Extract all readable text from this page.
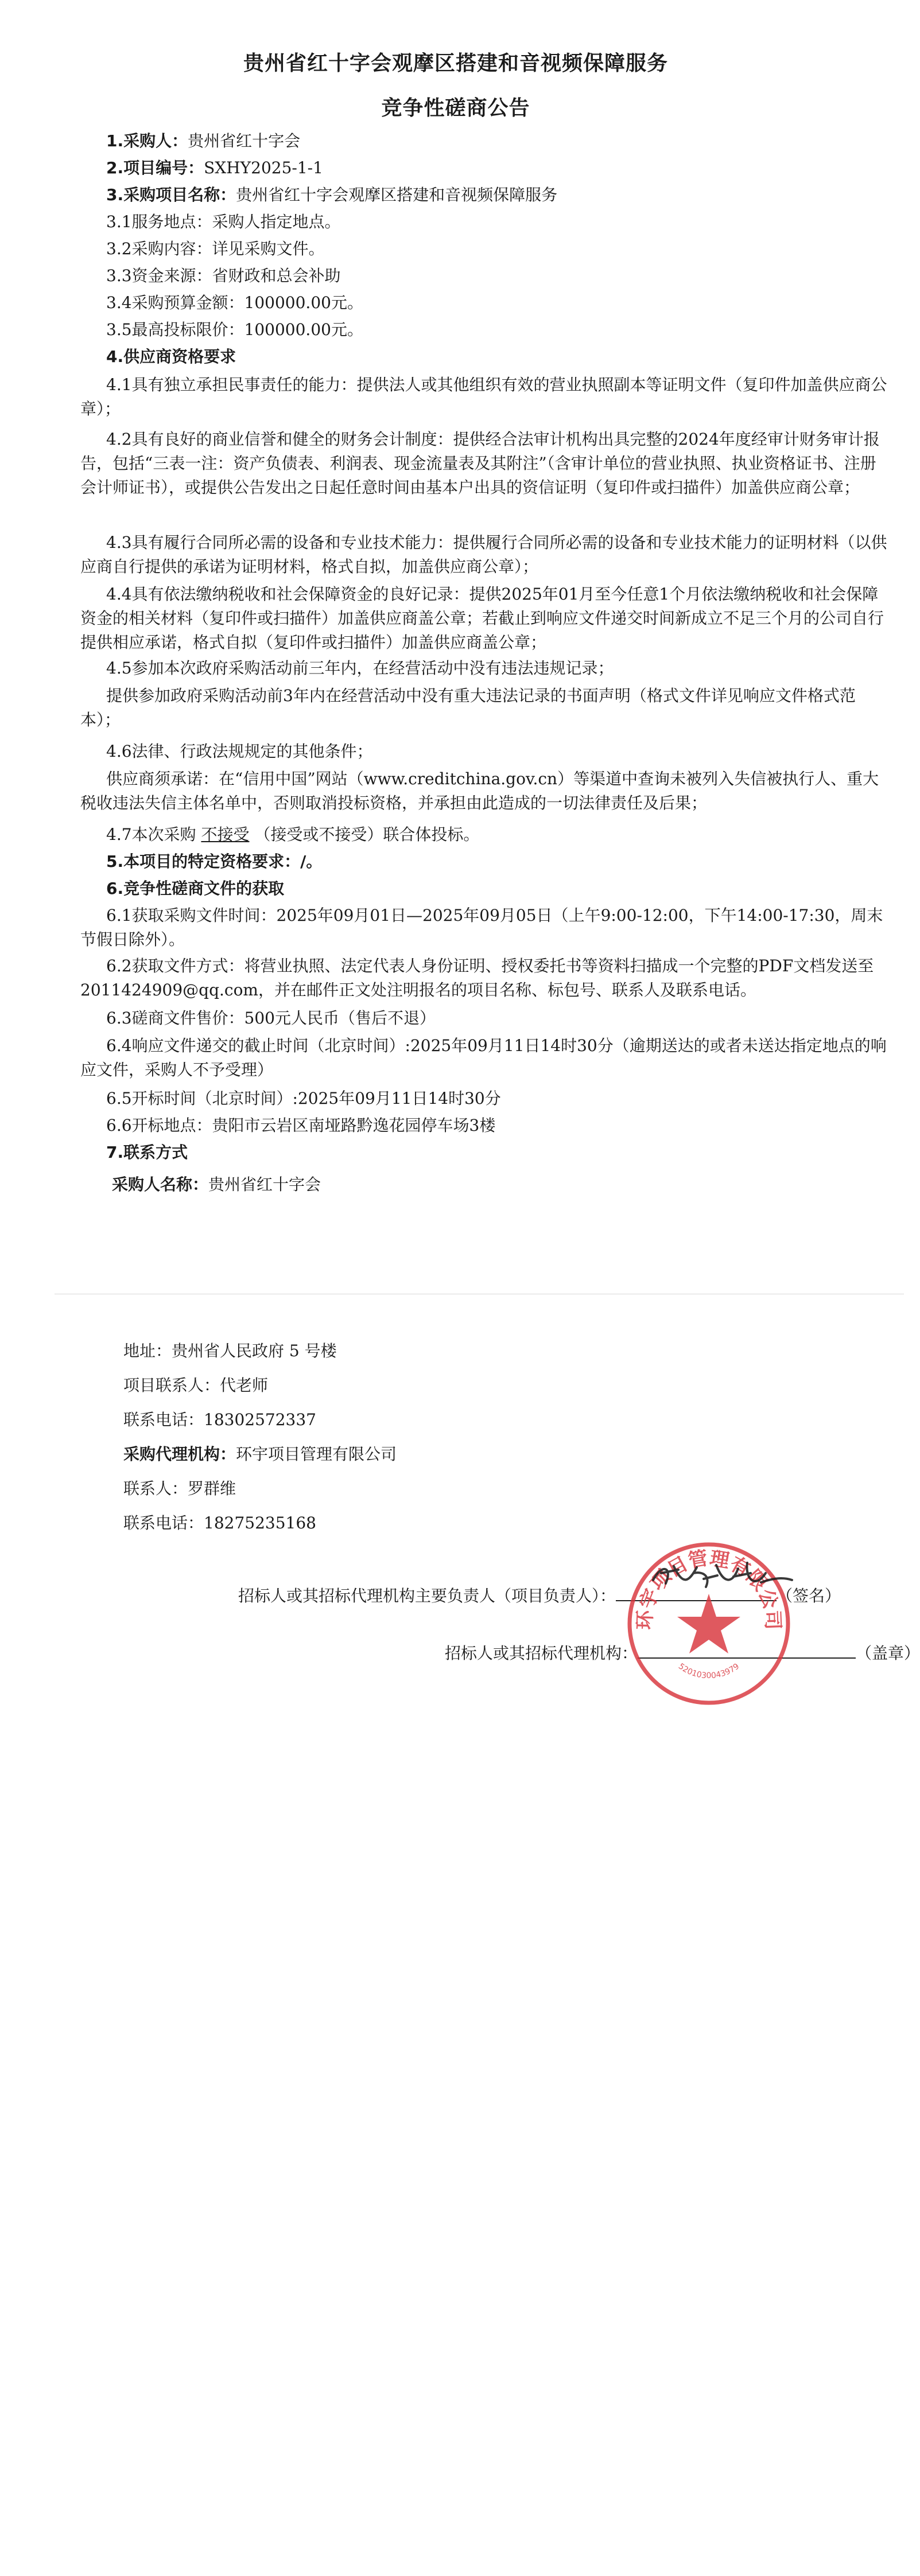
贵州省红十字会观摩区搭建和音视频保障服务
竞争性磋商公告
1.采购人：贵州省红十字会
2.项目编号：SXHY2025-1-1
3.采购项目名称：贵州省红十字会观摩区搭建和音视频保障服务
3.1服务地点：采购人指定地点。
3.2采购内容：详见采购文件。
3.3资金来源：省财政和总会补助
3.4采购预算金额：100000.00元。
3.5最高投标限价：100000.00元。
4.供应商资格要求
4.1具有独立承担民事责任的能力：提供法人或其他组织有效的营业执照副本等证明文件（复印件加盖供应商公章）；
4.2具有良好的商业信誉和健全的财务会计制度：提供经合法审计机构出具完整的2024年度经审计财务审计报告，包括“三表一注：资产负债表、利润表、现金流量表及其附注”（含审计单位的营业执照、执业资格证书、注册会计师证书），或提供公告发出之日起任意时间由基本户出具的资信证明（复印件或扫描件）加盖供应商公章；
4.3具有履行合同所必需的设备和专业技术能力：提供履行合同所必需的设备和专业技术能力的证明材料（以供应商自行提供的承诺为证明材料，格式自拟，加盖供应商公章）；
4.4具有依法缴纳税收和社会保障资金的良好记录：提供2025年01月至今任意1个月依法缴纳税收和社会保障资金的相关材料（复印件或扫描件）加盖供应商盖公章；若截止到响应文件递交时间新成立不足三个月的公司自行提供相应承诺，格式自拟（复印件或扫描件）加盖供应商盖公章；
4.5参加本次政府采购活动前三年内，在经营活动中没有违法违规记录；
提供参加政府采购活动前3年内在经营活动中没有重大违法记录的书面声明（格式文件详见响应文件格式范本）；
4.6法律、行政法规规定的其他条件；
供应商须承诺：在“信用中国”网站（www.creditchina.gov.cn）等渠道中查询未被列入失信被执行人、重大税收违法失信主体名单中，否则取消投标资格，并承担由此造成的一切法律责任及后果；
4.7本次采购 不接受 （接受或不接受）联合体投标。
5.本项目的特定资格要求：/。
6.竞争性磋商文件的获取
6.1获取采购文件时间：2025年09月01日—2025年09月05日（上午9:00-12:00，下午14:00-17:30，周末节假日除外）。
6.2获取文件方式：将营业执照、法定代表人身份证明、授权委托书等资料扫描成一个完整的PDF文档发送至2011424909@qq.com，并在邮件正文处注明报名的项目名称、标包号、联系人及联系电话。
6.3磋商文件售价：500元人民币（售后不退）
6.4响应文件递交的截止时间（北京时间）:2025年09月11日14时30分（逾期送达的或者未送达指定地点的响应文件，采购人不予受理）
6.5开标时间（北京时间）:2025年09月11日14时30分
6.6开标地点：贵阳市云岩区南垭路黔逸花园停车场3楼
7.联系方式
采购人名称：贵州省红十字会
地址：贵州省人民政府 5 号楼
项目联系人：代老师
联系电话：18302572337
采购代理机构：环宇项目管理有限公司
联系人：罗群维
联系电话：18275235168
招标人或其招标代理机构主要负责人（项目负责人）：	（签名）
招标人或其招标代理机构：	（盖章）
环宇项目管理有限公司
5201030043979
